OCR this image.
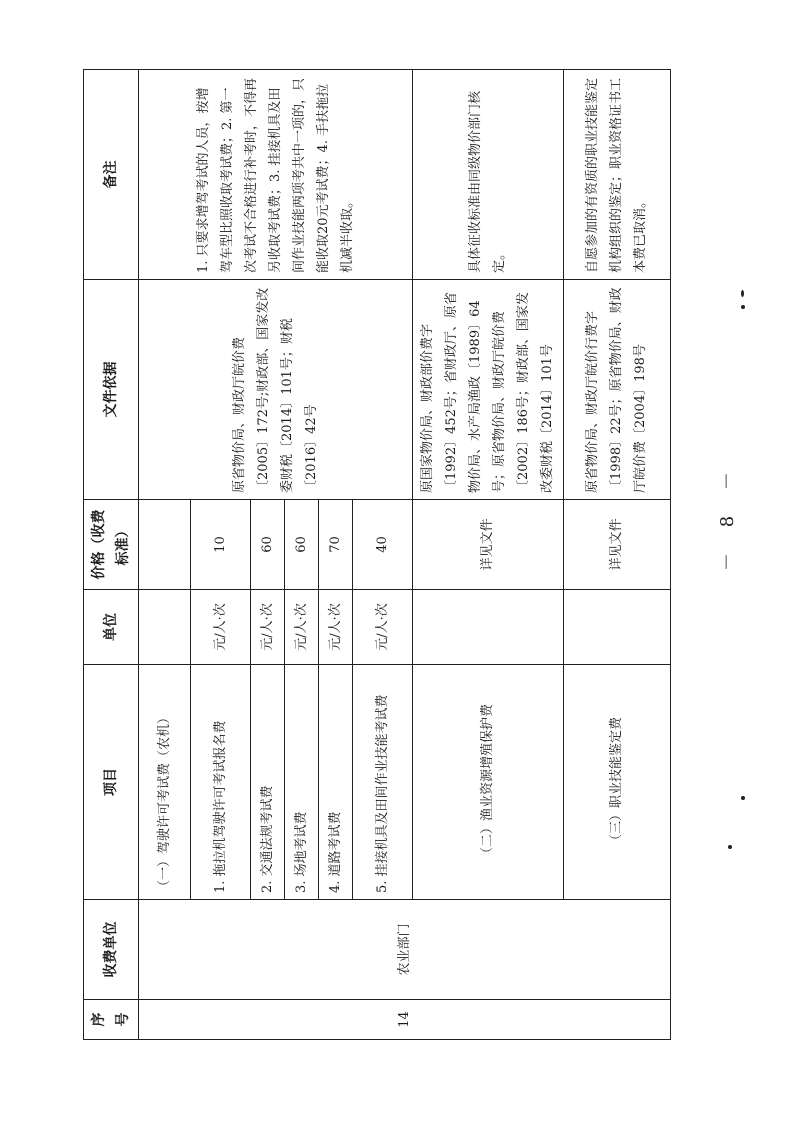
序号	收费单位	项目	单位	价格（收费标准）	文件依据	备注
14	农业部门	（一）驾驶许可考试费（农机）			原省物价局、财政厅皖价费〔2005〕172号;财政部、国家发改委财税〔2014〕101号；财税〔2016〕42号	1. 只要求增驾考试的人员，按增驾车型比照收取考试费；2. 第一次考试不合格进行补考时，不得再另收取考试费；3. 挂接机具及田间作业技能两项考共中一项的，只能收取20元考试费；4. 手扶拖拉机减半收取。
		1. 拖拉机驾驶许可考试报名费	元/人·次	10		
		2. 交通法规考试费	元/人·次	60		
		3. 场地考试费	元/人·次	60		
		4. 道路考试费	元/人·次	70		
		5. 挂接机具及田间作业技能考试费	元/人·次	40		
		（二）渔业资源增殖保护费		详见文件	原国家物价局、财政部价费字〔1992〕452号；省财政厅、原省物价局、水产局渔政〔1989〕64号；原省物价局、财政厅皖价费〔2002〕186号；财政部、国家发改委财税〔2014〕101号	具体征收标准由同级物价部门核定。
		（三）职业技能鉴定费		详见文件	原省物价局、财政厅皖价行费字〔1998〕22号；原省物价局、财政厅皖价费〔2004〕198号	自愿参加的有资质的职业技能鉴定机构组织的鉴定；职业资格证书工本费已取消。
－ 8 －
